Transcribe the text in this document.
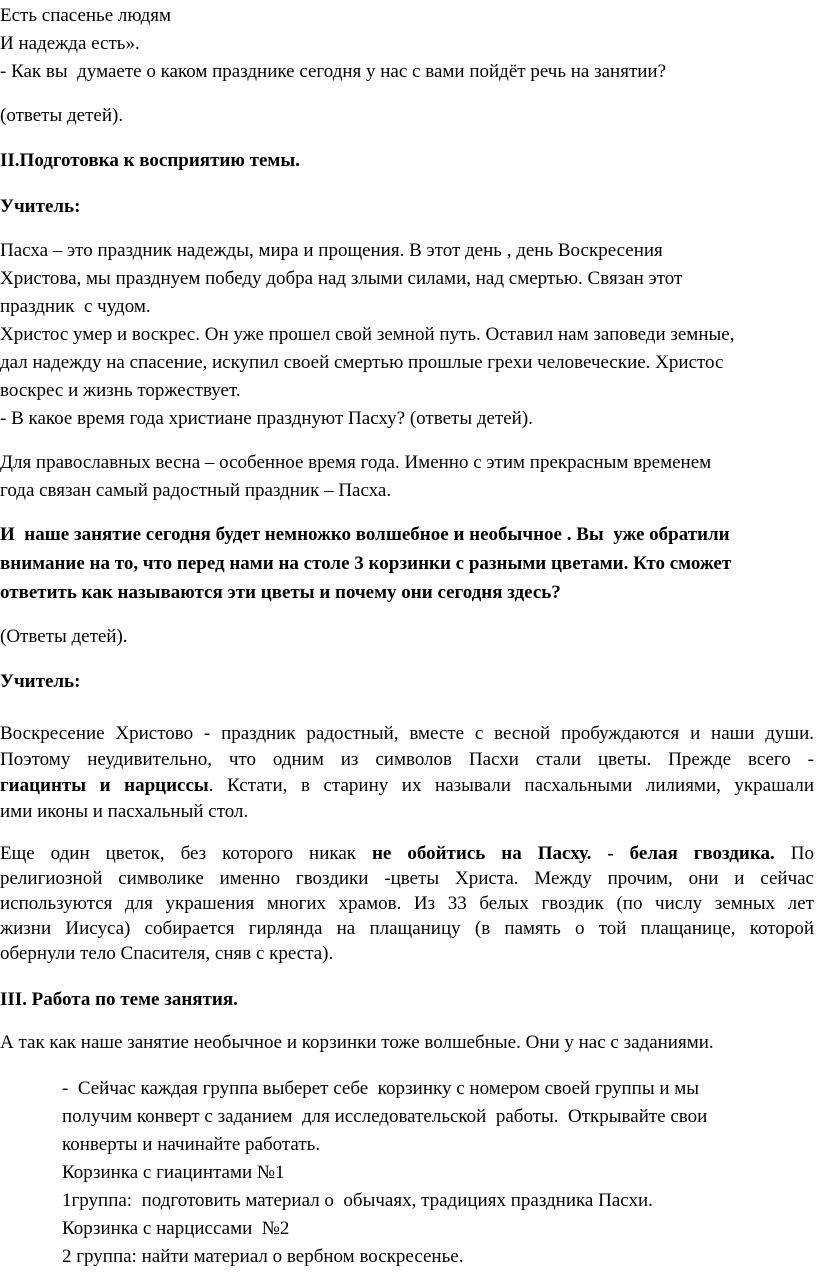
Есть спасенье людям

И надежда есть».

- Как вы  думаете о каком празднике сегодня у нас с вами пойдёт речь на занятии?

(ответы детей).

II.Подготовка к восприятию темы.

Учитель:

Пасха – это праздник надежды, мира и прощения. В этот день , день Воскресения

Христова, мы празднуем победу добра над злыми силами, над смертью. Связан этот

праздник  с чудом.

Христос умер и воскрес. Он уже прошел свой земной путь. Оставил нам заповеди земные,

дал надежду на спасение, искупил своей смертью прошлые грехи человеческие. Христос

воскрес и жизнь торжествует.

- В какое время года христиане празднуют Пасху? (ответы детей).

Для православных весна – особенное время года. Именно с этим прекрасным временем

года связан самый радостный праздник – Пасха.

И  наше занятие сегодня будет немножко волшебное и необычное . Вы  уже обратили

внимание на то, что перед нами на столе 3 корзинки с разными цветами. Кто сможет

ответить как называются эти цветы и почему они сегодня здесь?

(Ответы детей).

Учитель:

Воскресение Христово - праздник радостный, вместе с весной пробуждаются и наши души.

Поэтому неудивительно, что одним из символов Пасхи стали цветы. Прежде всего -

гиацинты и нарциссы. Кстати, в старину их называли пасхальными лилиями, украшали

ими иконы и пасхальный стол.

Еще один цветок, без которого никак не обойтись на Пасху. - белая гвоздика. По

религиозной символике именно гвоздики -цветы Христа. Между прочим, они и сейчас

используются для украшения многих храмов. Из 33 белых гвоздик (по числу земных лет

жизни Иисуса) собирается гирлянда на плащаницу (в память о той плащанице, которой

обернули тело Спасителя, сняв с креста).

III. Работа по теме занятия.

А так как наше занятие необычное и корзинки тоже волшебные. Они у нас с заданиями.

-  Сейчас каждая группа выберет себе  корзинку с номером своей группы и мы

получим конверт с заданием  для исследовательской  работы.  Открывайте свои

конверты и начинайте работать.

Корзинка с гиацинтами №1

1группа:  подготовить материал о  обычаях, традициях праздника Пасхи.

Корзинка с нарциссами  №2

2 группа: найти материал о вербном воскресенье.
